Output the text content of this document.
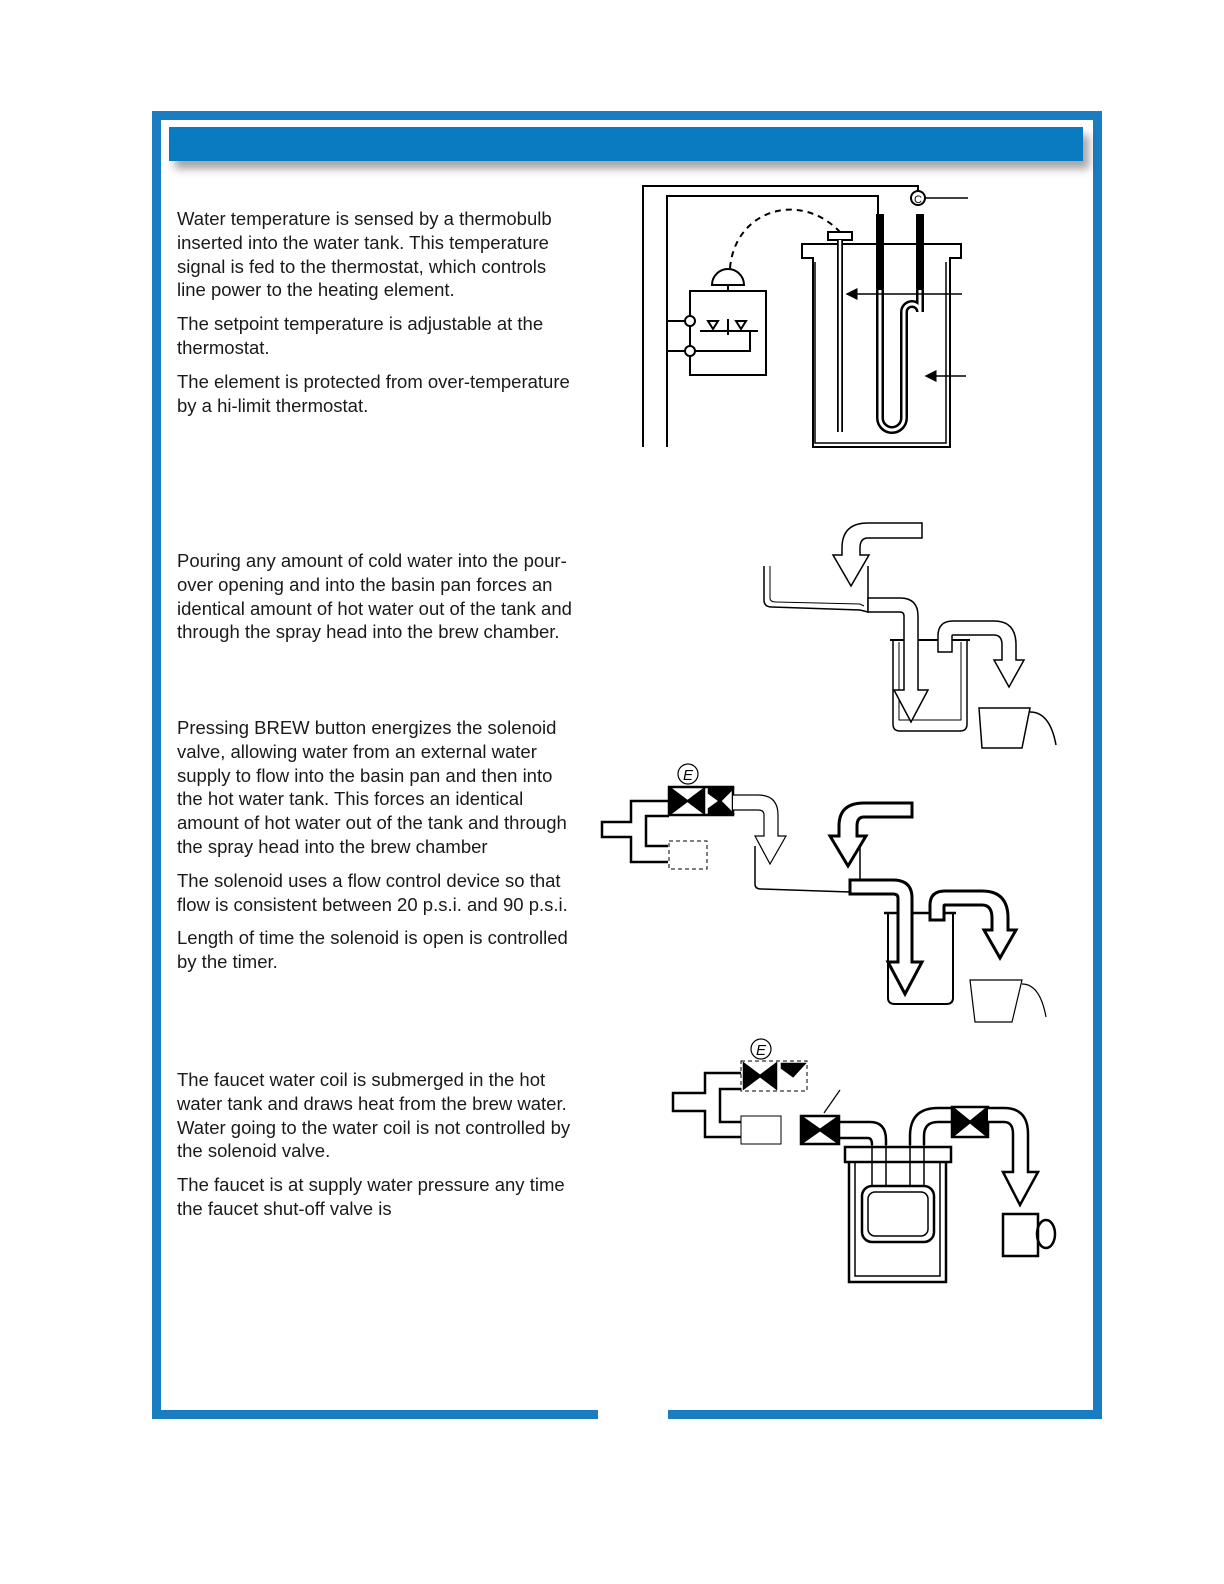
Water temperature is sensed by a thermobulb inserted into the water tank. This temperature signal is fed to the thermostat, which controls line power to the heating element.

The setpoint temperature is adjustable at the thermostat.

The element is protected from over-temperature by a hi-limit thermostat.

Pouring any amount of cold water into the pour-over opening and into the basin pan forces an identical amount of hot water out of the tank and through the spray head into the brew chamber.

Pressing BREW button energizes the solenoid valve, allowing water from an external water supply to flow into the basin pan and then into the hot water tank. This forces an identical amount of hot water out of the tank and through the spray head into the brew chamber

The solenoid uses a flow control device so that flow is consistent between 20 p.s.i. and 90 p.s.i.

Length of time the solenoid is open is controlled by the timer.

The faucet water coil is submerged in the hot water tank and draws heat from the brew water. Water going to the water coil is not controlled by the solenoid valve.

The faucet is at supply water pressure any time the faucet shut-off valve is

C
E
E
